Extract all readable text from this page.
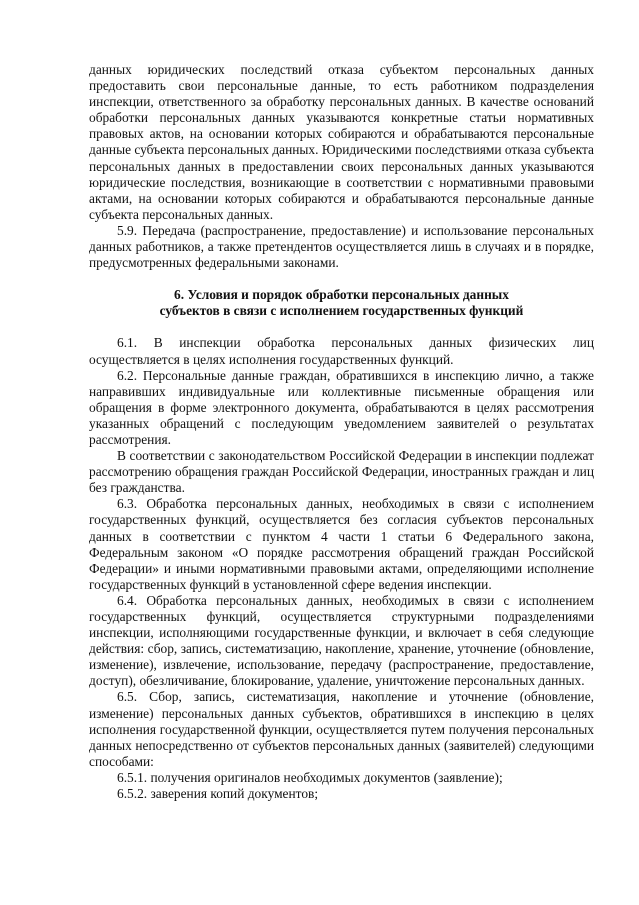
данных юридических последствий отказа субъектом персональных данных предоставить свои персональные данные, то есть работником подразделения инспекции, ответственного за обработку персональных данных. В качестве оснований обработки персональных данных указываются конкретные статьи нормативных правовых актов, на основании которых собираются и обрабатываются персональные данные субъекта персональных данных. Юридическими последствиями отказа субъекта персональных данных в предоставлении своих персональных данных указываются юридические последствия, возникающие в соответствии с нормативными правовыми актами, на основании которых собираются и обрабатываются персональные данные субъекта персональных данных.

5.9. Передача (распространение, предоставление) и использование персональных данных работников, а также претендентов осуществляется лишь в случаях и в порядке, предусмотренных федеральными законами.

6. Условия и порядок обработки персональных данных

субъектов в связи с исполнением государственных функций

6.1. В инспекции обработка персональных данных физических лиц осуществляется в целях исполнения государственных функций.

6.2. Персональные данные граждан, обратившихся в инспекцию лично, а также направивших индивидуальные или коллективные письменные обращения или обращения в форме электронного документа, обрабатываются в целях рассмотрения указанных обращений с последующим уведомлением заявителей о результатах рассмотрения.

В соответствии с законодательством Российской Федерации в инспекции подлежат рассмотрению обращения граждан Российской Федерации, иностранных граждан и лиц без гражданства.

6.3. Обработка персональных данных, необходимых в связи с исполнением государственных функций, осуществляется без согласия субъектов персональных данных в соответствии с пунктом 4 части 1 статьи 6 Федерального закона, Федеральным законом «О порядке рассмотрения обращений граждан Российской Федерации» и иными нормативными правовыми актами, определяющими исполнение государственных функций в установленной сфере ведения инспекции.

6.4. Обработка персональных данных, необходимых в связи с исполнением государственных функций, осуществляется структурными подразделениями инспекции, исполняющими государственные функции, и включает в себя следующие действия: сбор, запись, систематизацию, накопление, хранение, уточнение (обновление, изменение), извлечение, использование, передачу (распространение, предоставление, доступ), обезличивание, блокирование, удаление, уничтожение персональных данных.

6.5. Сбор, запись, систематизация, накопление и уточнение (обновление, изменение) персональных данных субъектов, обратившихся в инспекцию в целях исполнения государственной функции, осуществляется путем получения персональных данных непосредственно от субъектов персональных данных (заявителей) следующими способами:

6.5.1. получения оригиналов необходимых документов (заявление);

6.5.2. заверения копий документов;
